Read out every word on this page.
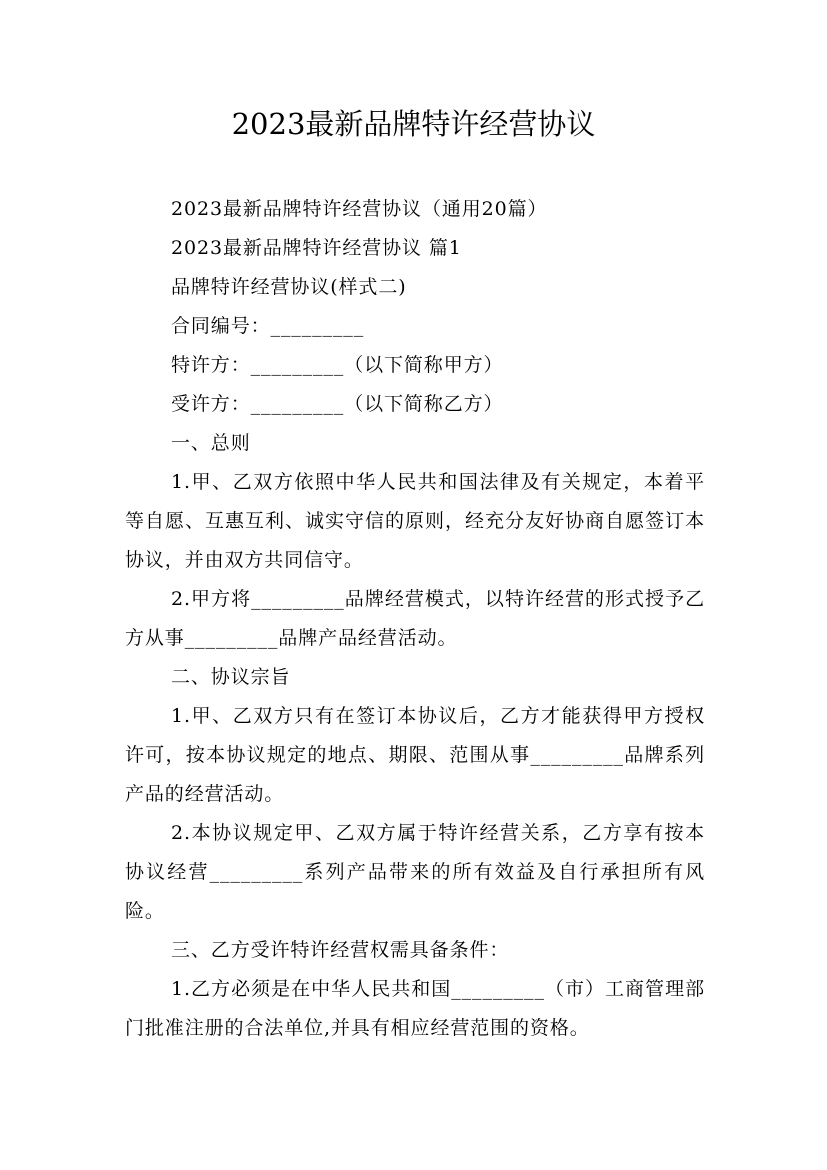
2023最新品牌特许经营协议

2023最新品牌特许经营协议（通用20篇）

2023最新品牌特许经营协议 篇1

品牌特许经营协议(样式二)

合同编号：_________

特许方：_________（以下简称甲方）

受许方：_________（以下简称乙方）

一、总则

1.甲、乙双方依照中华人民共和国法律及有关规定，本着平等自愿、互惠互利、诚实守信的原则，经充分友好协商自愿签订本协议，并由双方共同信守。

2.甲方将_________品牌经营模式，以特许经营的形式授予乙方从事_________品牌产品经营活动。

二、协议宗旨

1.甲、乙双方只有在签订本协议后，乙方才能获得甲方授权许可，按本协议规定的地点、期限、范围从事_________品牌系列产品的经营活动。

2.本协议规定甲、乙双方属于特许经营关系，乙方享有按本协议经营_________系列产品带来的所有效益及自行承担所有风险。

三、乙方受许特许经营权需具备条件：

1.乙方必须是在中华人民共和国_________（市）工商管理部门批准注册的合法单位,并具有相应经营范围的资格。
